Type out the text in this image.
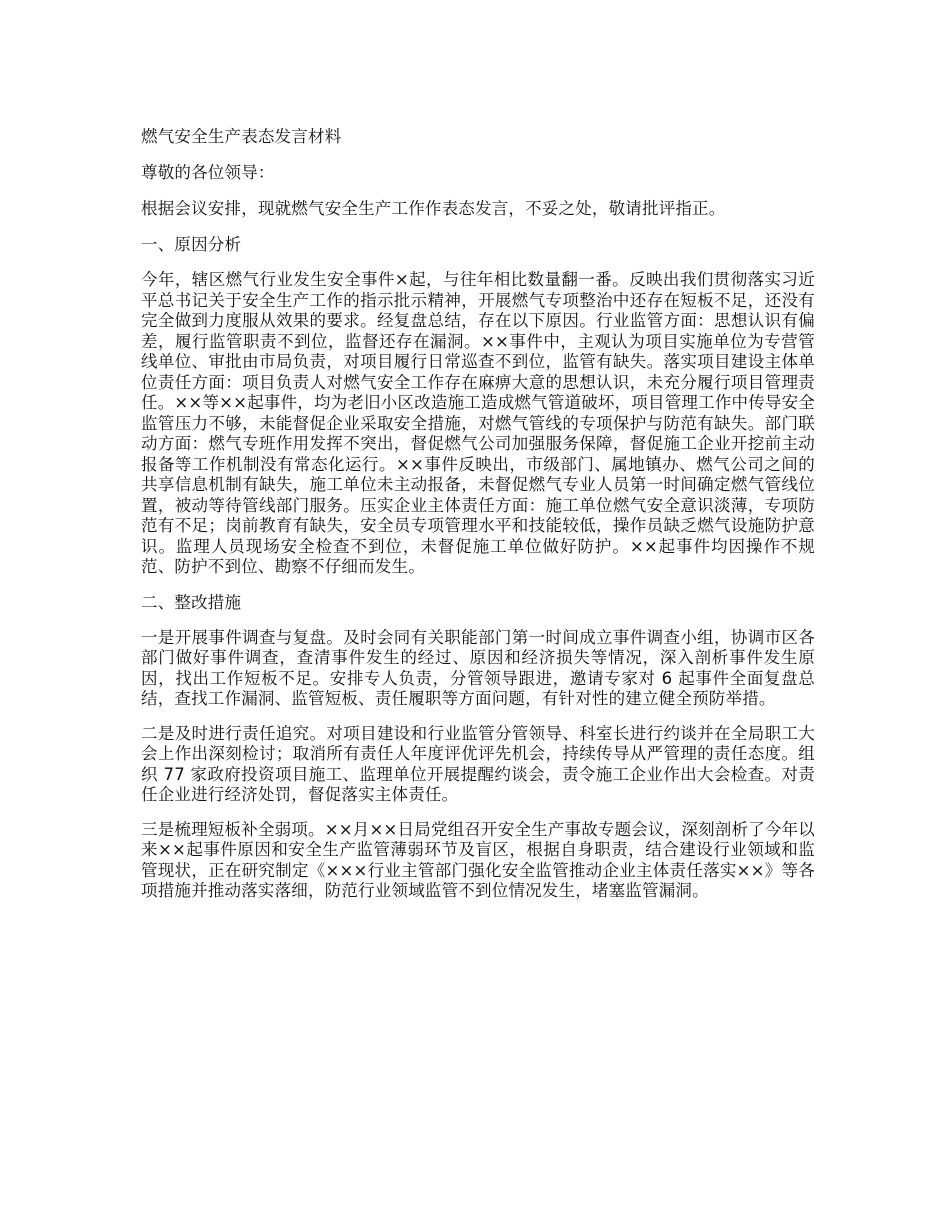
燃气安全生产表态发言材料

尊敬的各位领导：

根据会议安排，现就燃气安全生产工作作表态发言，不妥之处，敬请批评指正。

一、原因分析

今年，辖区燃气行业发生安全事件×起，与往年相比数量翻一番。反映出我们贯彻落实习近平总书记关于安全生产工作的指示批示精神，开展燃气专项整治中还存在短板不足，还没有完全做到力度服从效果的要求。经复盘总结，存在以下原因。行业监管方面：思想认识有偏差，履行监管职责不到位，监督还存在漏洞。××事件中，主观认为项目实施单位为专营管线单位、审批由市局负责，对项目履行日常巡查不到位，监管有缺失。落实项目建设主体单位责任方面：项目负责人对燃气安全工作存在麻痹大意的思想认识，未充分履行项目管理责任。××等××起事件，均为老旧小区改造施工造成燃气管道破坏，项目管理工作中传导安全监管压力不够，未能督促企业采取安全措施，对燃气管线的专项保护与防范有缺失。部门联动方面：燃气专班作用发挥不突出，督促燃气公司加强服务保障，督促施工企业开挖前主动报备等工作机制没有常态化运行。××事件反映出，市级部门、属地镇办、燃气公司之间的共享信息机制有缺失，施工单位未主动报备，未督促燃气专业人员第一时间确定燃气管线位置，被动等待管线部门服务。压实企业主体责任方面：施工单位燃气安全意识淡薄，专项防范有不足；岗前教育有缺失，安全员专项管理水平和技能较低，操作员缺乏燃气设施防护意识。监理人员现场安全检查不到位，未督促施工单位做好防护。××起事件均因操作不规范、防护不到位、勘察不仔细而发生。

二、整改措施

一是开展事件调查与复盘。及时会同有关职能部门第一时间成立事件调查小组，协调市区各部门做好事件调查，查清事件发生的经过、原因和经济损失等情况，深入剖析事件发生原因，找出工作短板不足。安排专人负责，分管领导跟进，邀请专家对 6 起事件全面复盘总结，查找工作漏洞、监管短板、责任履职等方面问题，有针对性的建立健全预防举措。

二是及时进行责任追究。对项目建设和行业监管分管领导、科室长进行约谈并在全局职工大会上作出深刻检讨；取消所有责任人年度评优评先机会，持续传导从严管理的责任态度。组织 77 家政府投资项目施工、监理单位开展提醒约谈会，责令施工企业作出大会检查。对责任企业进行经济处罚，督促落实主体责任。

三是梳理短板补全弱项。××月××日局党组召开安全生产事故专题会议，深刻剖析了今年以来××起事件原因和安全生产监管薄弱环节及盲区，根据自身职责，结合建设行业领域和监管现状，正在研究制定《×××行业主管部门强化安全监管推动企业主体责任落实××》等各项措施并推动落实落细，防范行业领域监管不到位情况发生，堵塞监管漏洞。
